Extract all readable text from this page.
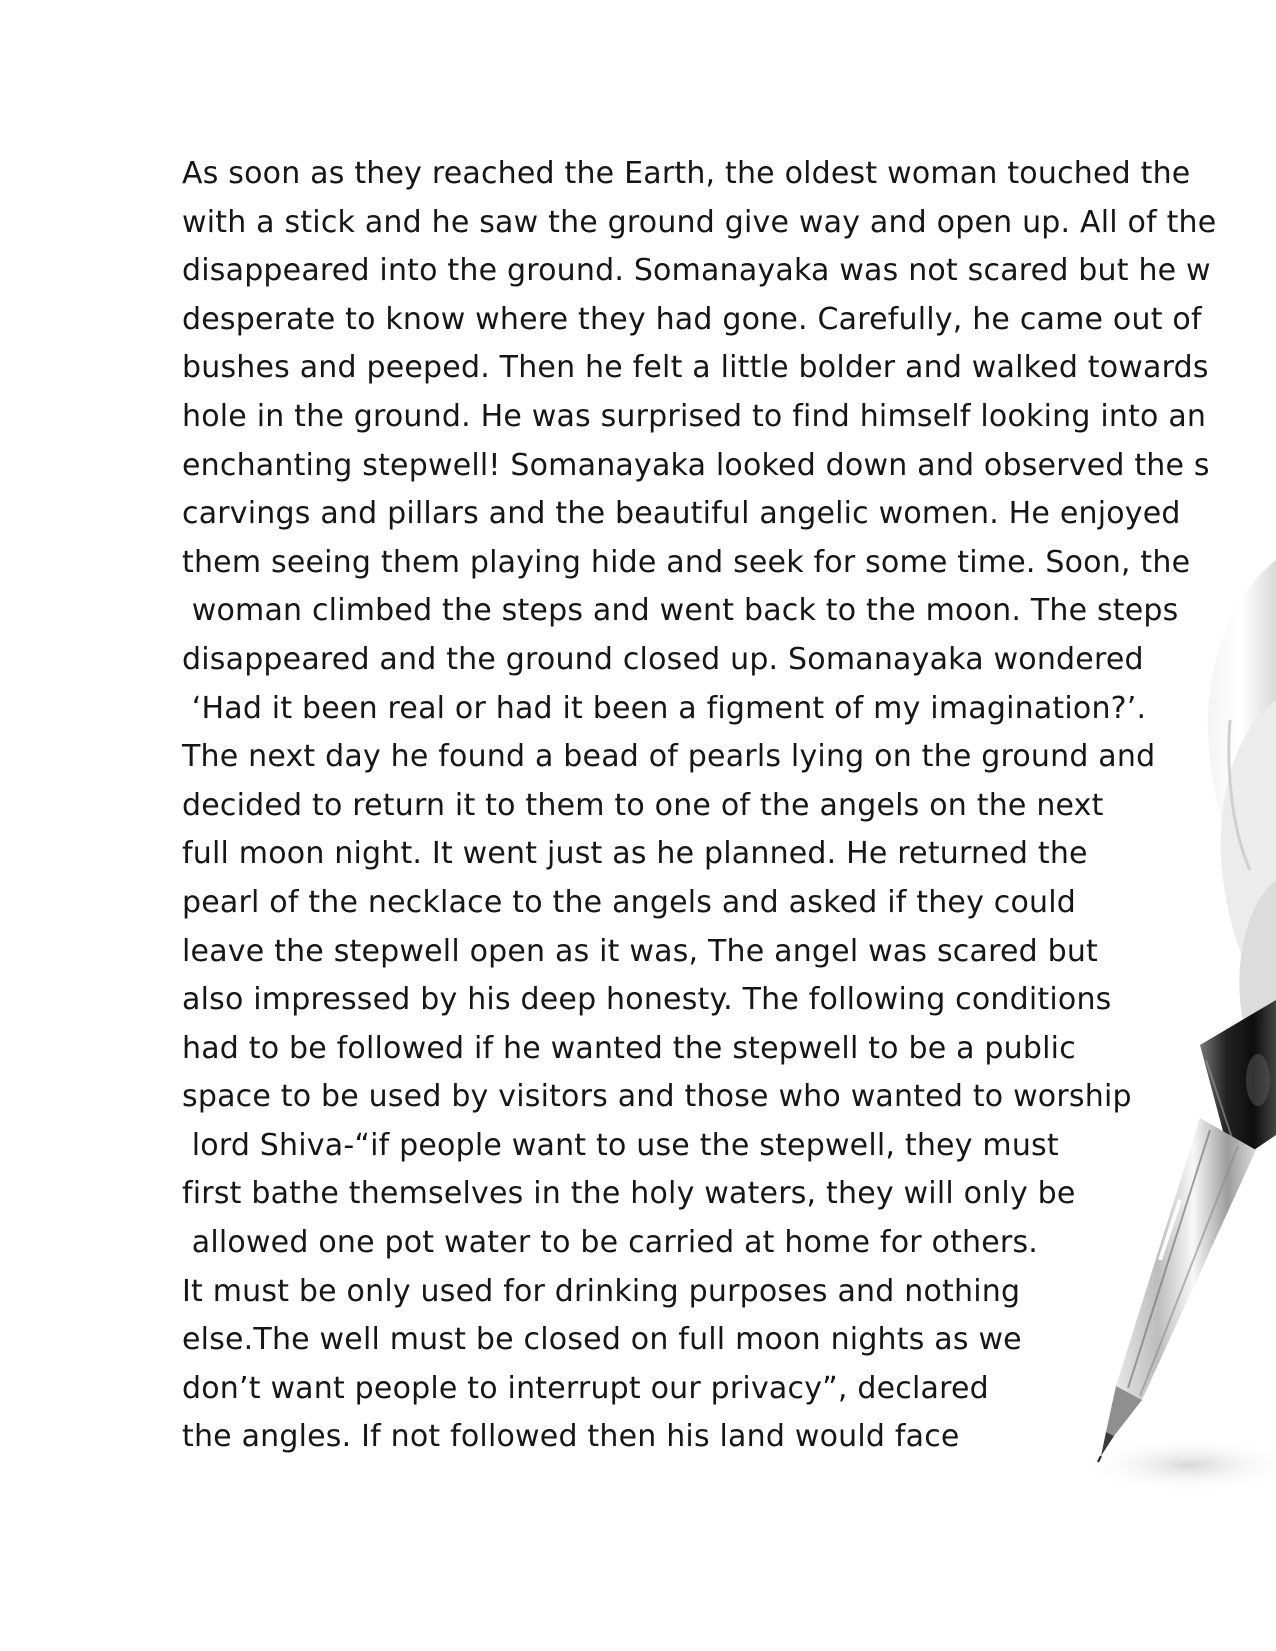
As soon as they reached the Earth, the oldest woman touched the
with a stick and he saw the ground give way and open up. All of the
disappeared into the ground. Somanayaka was not scared but he w
desperate to know where they had gone. Carefully, he came out of
bushes and peeped. Then he felt a little bolder and walked towards
hole in the ground. He was surprised to find himself looking into an
enchanting stepwell! Somanayaka looked down and observed the s
carvings and pillars and the beautiful angelic women. He enjoyed
them seeing them playing hide and seek for some time. Soon, the
woman climbed the steps and went back to the moon. The steps
disappeared and the ground closed up. Somanayaka wondered
‘Had it been real or had it been a figment of my imagination?’.
The next day he found a bead of pearls lying on the ground and
decided to return it to them to one of the angels on the next
full moon night. It went just as he planned. He returned the
pearl of the necklace to the angels and asked if they could
leave the stepwell open as it was, The angel was scared but
also impressed by his deep honesty. The following conditions
had to be followed if he wanted the stepwell to be a public
space to be used by visitors and those who wanted to worship
lord Shiva-“if people want to use the stepwell, they must
first bathe themselves in the holy waters, they will only be
allowed one pot water to be carried at home for others.
It must be only used for drinking purposes and nothing
else.The well must be closed on full moon nights as we
don’t want people to interrupt our privacy”, declared
the angles. If not followed then his land would face
